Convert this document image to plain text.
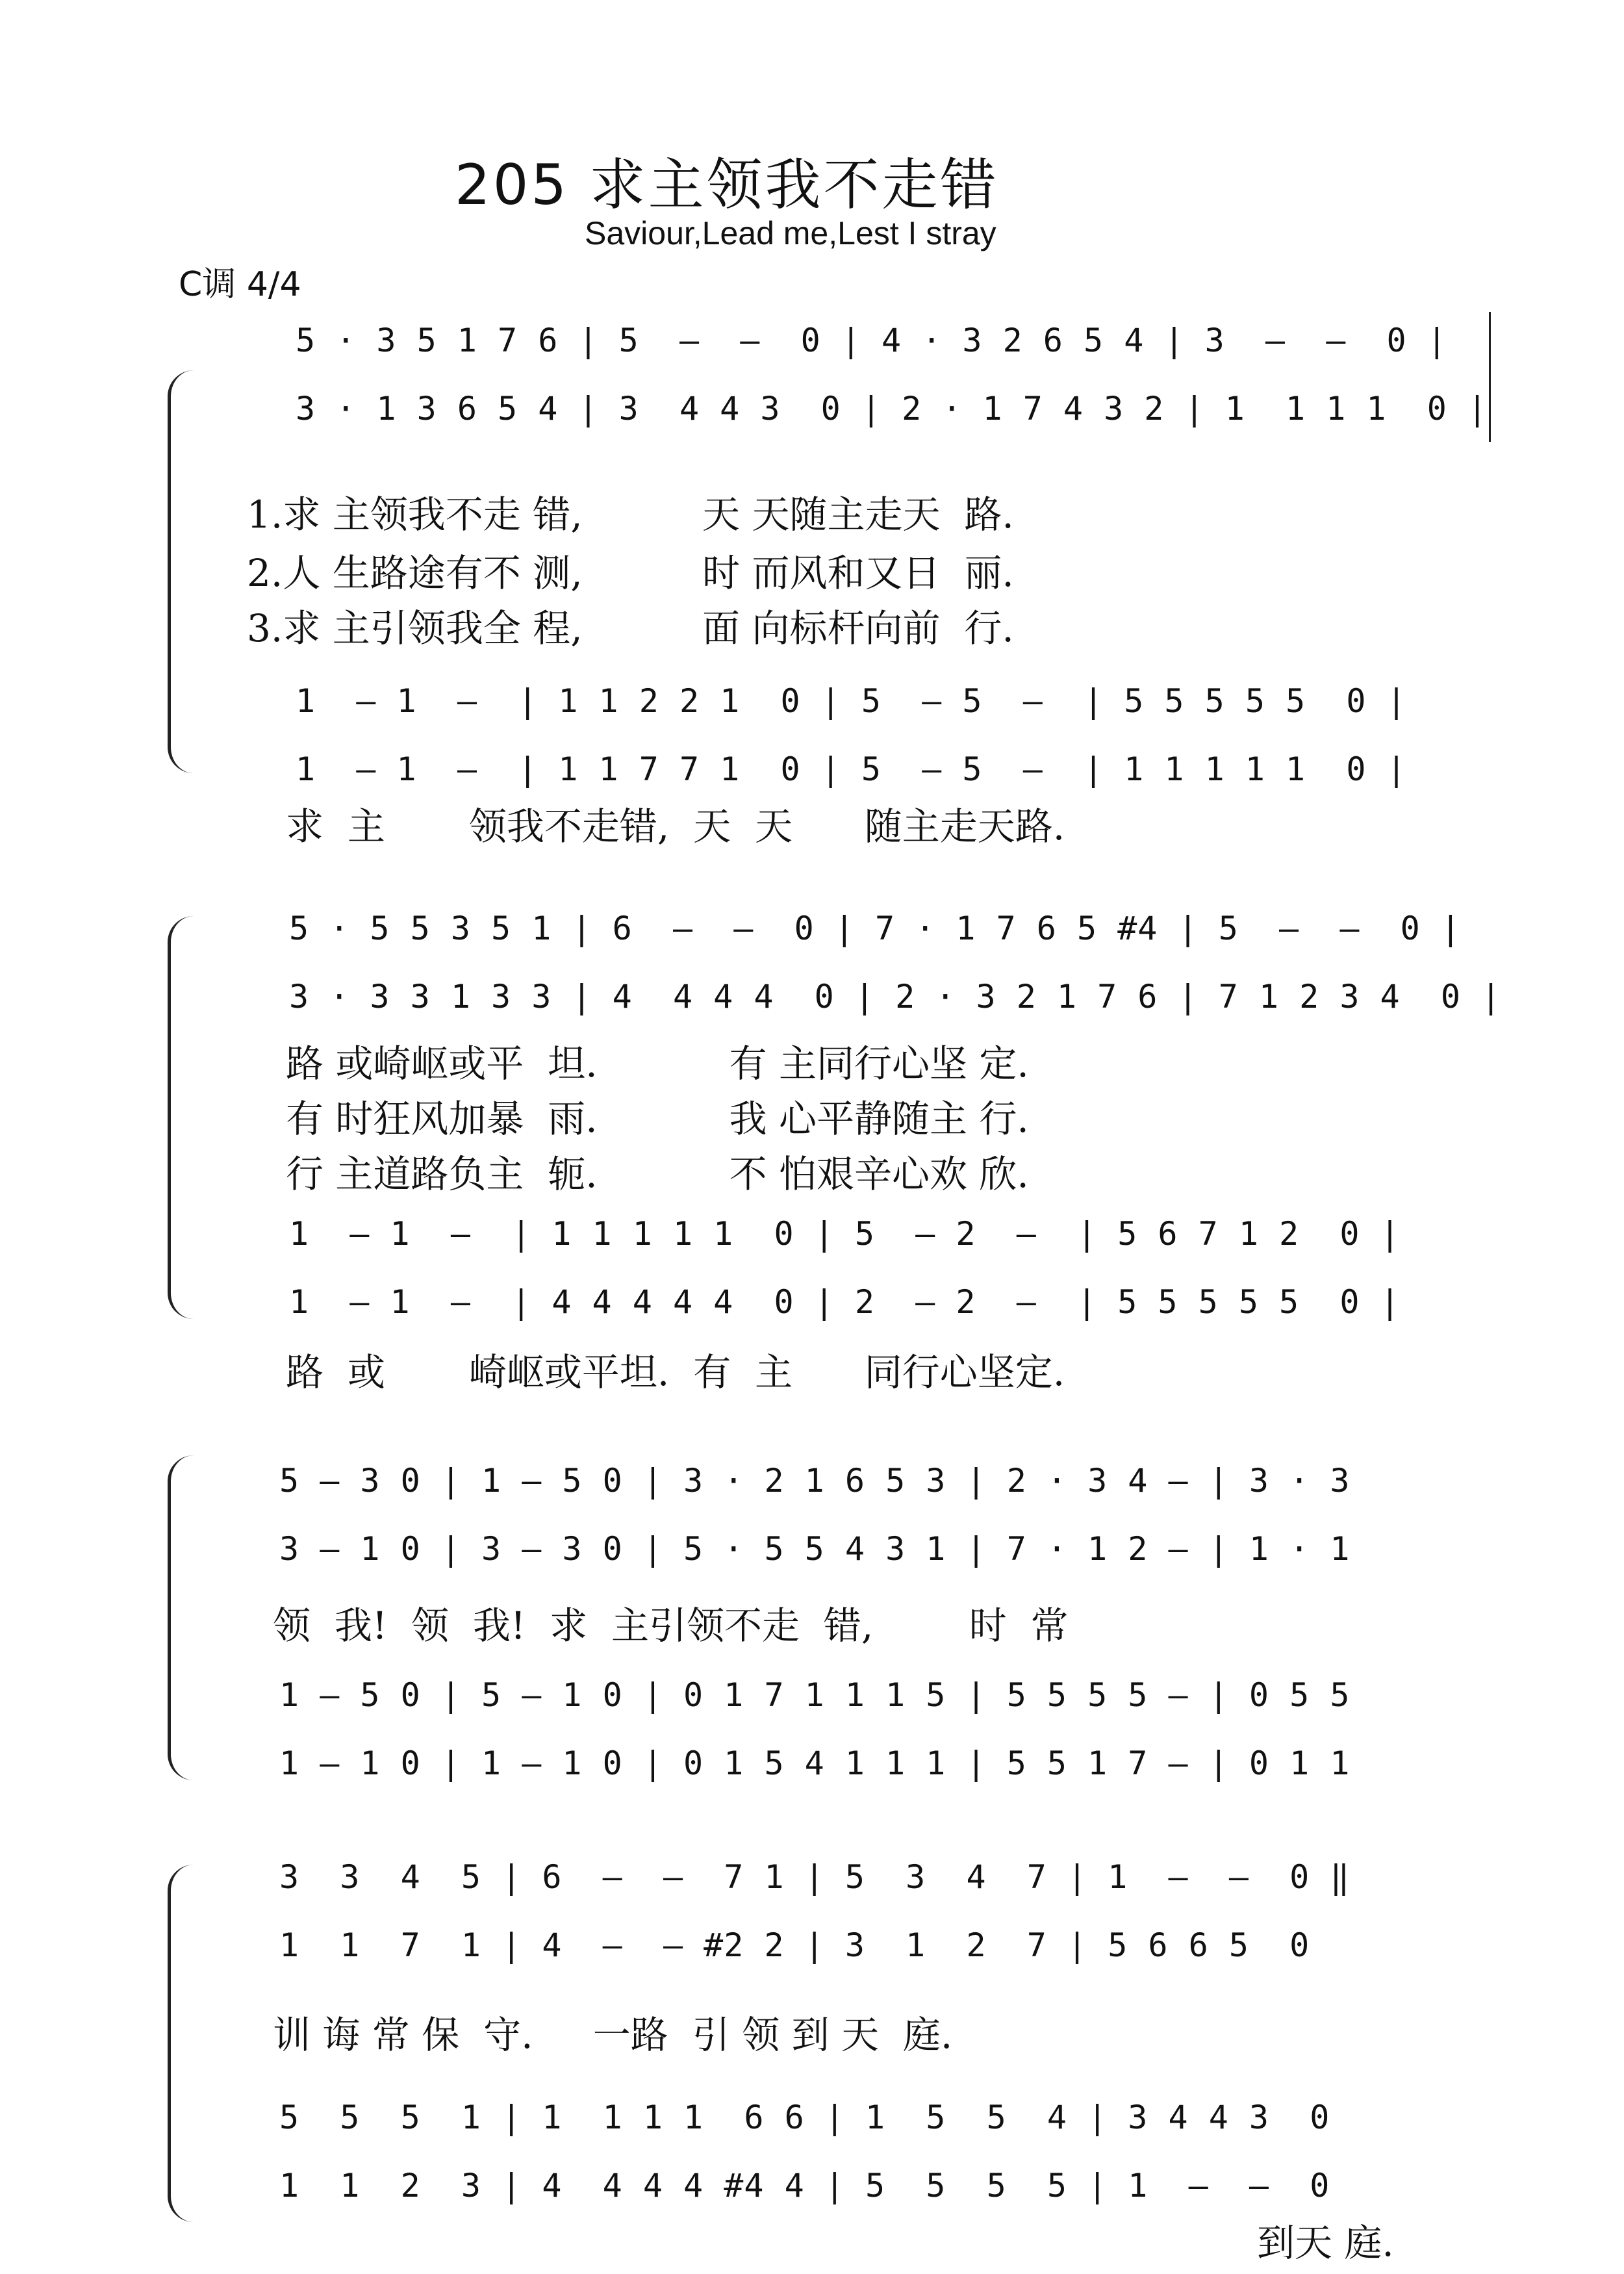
205 求主领我不走错
Saviour,Lead me,Lest I stray
C调 4/4
5 · 3 5 1 7 6 | 5  —  —  0 | 4 · 3 2 6 5 4 | 3  —  —  0 |
3 · 1 3 6 5 4 | 3  4 4 3  0 | 2 · 1 7 4 3 2 | 1  1 1 1  0 |
1.求 主领我不走 错,          天 天随主走天  路.
2.人 生路途有不 测,          时 而风和又日  丽.
3.求 主引领我全 程,          面 向标杆向前  行.
1  — 1  —  | 1 1 2 2 1  0 | 5  — 5  —  | 5 5 5 5 5  0 |
1  — 1  —  | 1 1 7 7 1  0 | 5  — 5  —  | 1 1 1 1 1  0 |
求  主       领我不走错,  天  天      随主走天路.
5 · 5 5 3 5 1 | 6  —  —  0 | 7 · 1 7 6 5 #4 | 5  —  —  0 |
3 · 3 3 1 3 3 | 4  4 4 4  0 | 2 · 3 2 1 7 6 | 7 1 2 3 4  0 |
路 或崎岖或平  坦.           有 主同行心坚 定.
有 时狂风加暴  雨.           我 心平静随主 行.
行 主道路负主  轭.           不 怕艰辛心欢 欣.
1  — 1  —  | 1 1 1 1 1  0 | 5  — 2  —  | 5 6 7 1 2  0 |
1  — 1  —  | 4 4 4 4 4  0 | 2  — 2  —  | 5 5 5 5 5  0 |
路  或       崎岖或平坦.  有  主      同行心坚定.
5 — 3 0 | 1 — 5 0 | 3 · 2 1 6 5 3 | 2 · 3 4 — | 3 · 3
3 — 1 0 | 3 — 3 0 | 5 · 5 5 4 3 1 | 7 · 1 2 — | 1 · 1
领  我!  领  我!  求  主引领不走  错,        时  常
1 — 5 0 | 5 — 1 0 | 0 1 7 1 1 1 5 | 5 5 5 5 — | 0 5 5
1 — 1 0 | 1 — 1 0 | 0 1 5 4 1 1 1 | 5 5 1 7 — | 0 1 1
3  3  4  5 | 6  —  —  7 1 | 5  3  4  7 | 1  —  —  0 ‖
1  1  7  1 | 4  —  — #2 2 | 3  1  2  7 | 5 6 6 5  0
训 诲 常 保  守.     一路  引 领 到 天  庭.
5  5  5  1 | 1  1 1 1  6 6 | 1  5  5  4 | 3 4 4 3  0
1  1  2  3 | 4  4 4 4 #4 4 | 5  5  5  5 | 1  —  —  0
到天 庭.
